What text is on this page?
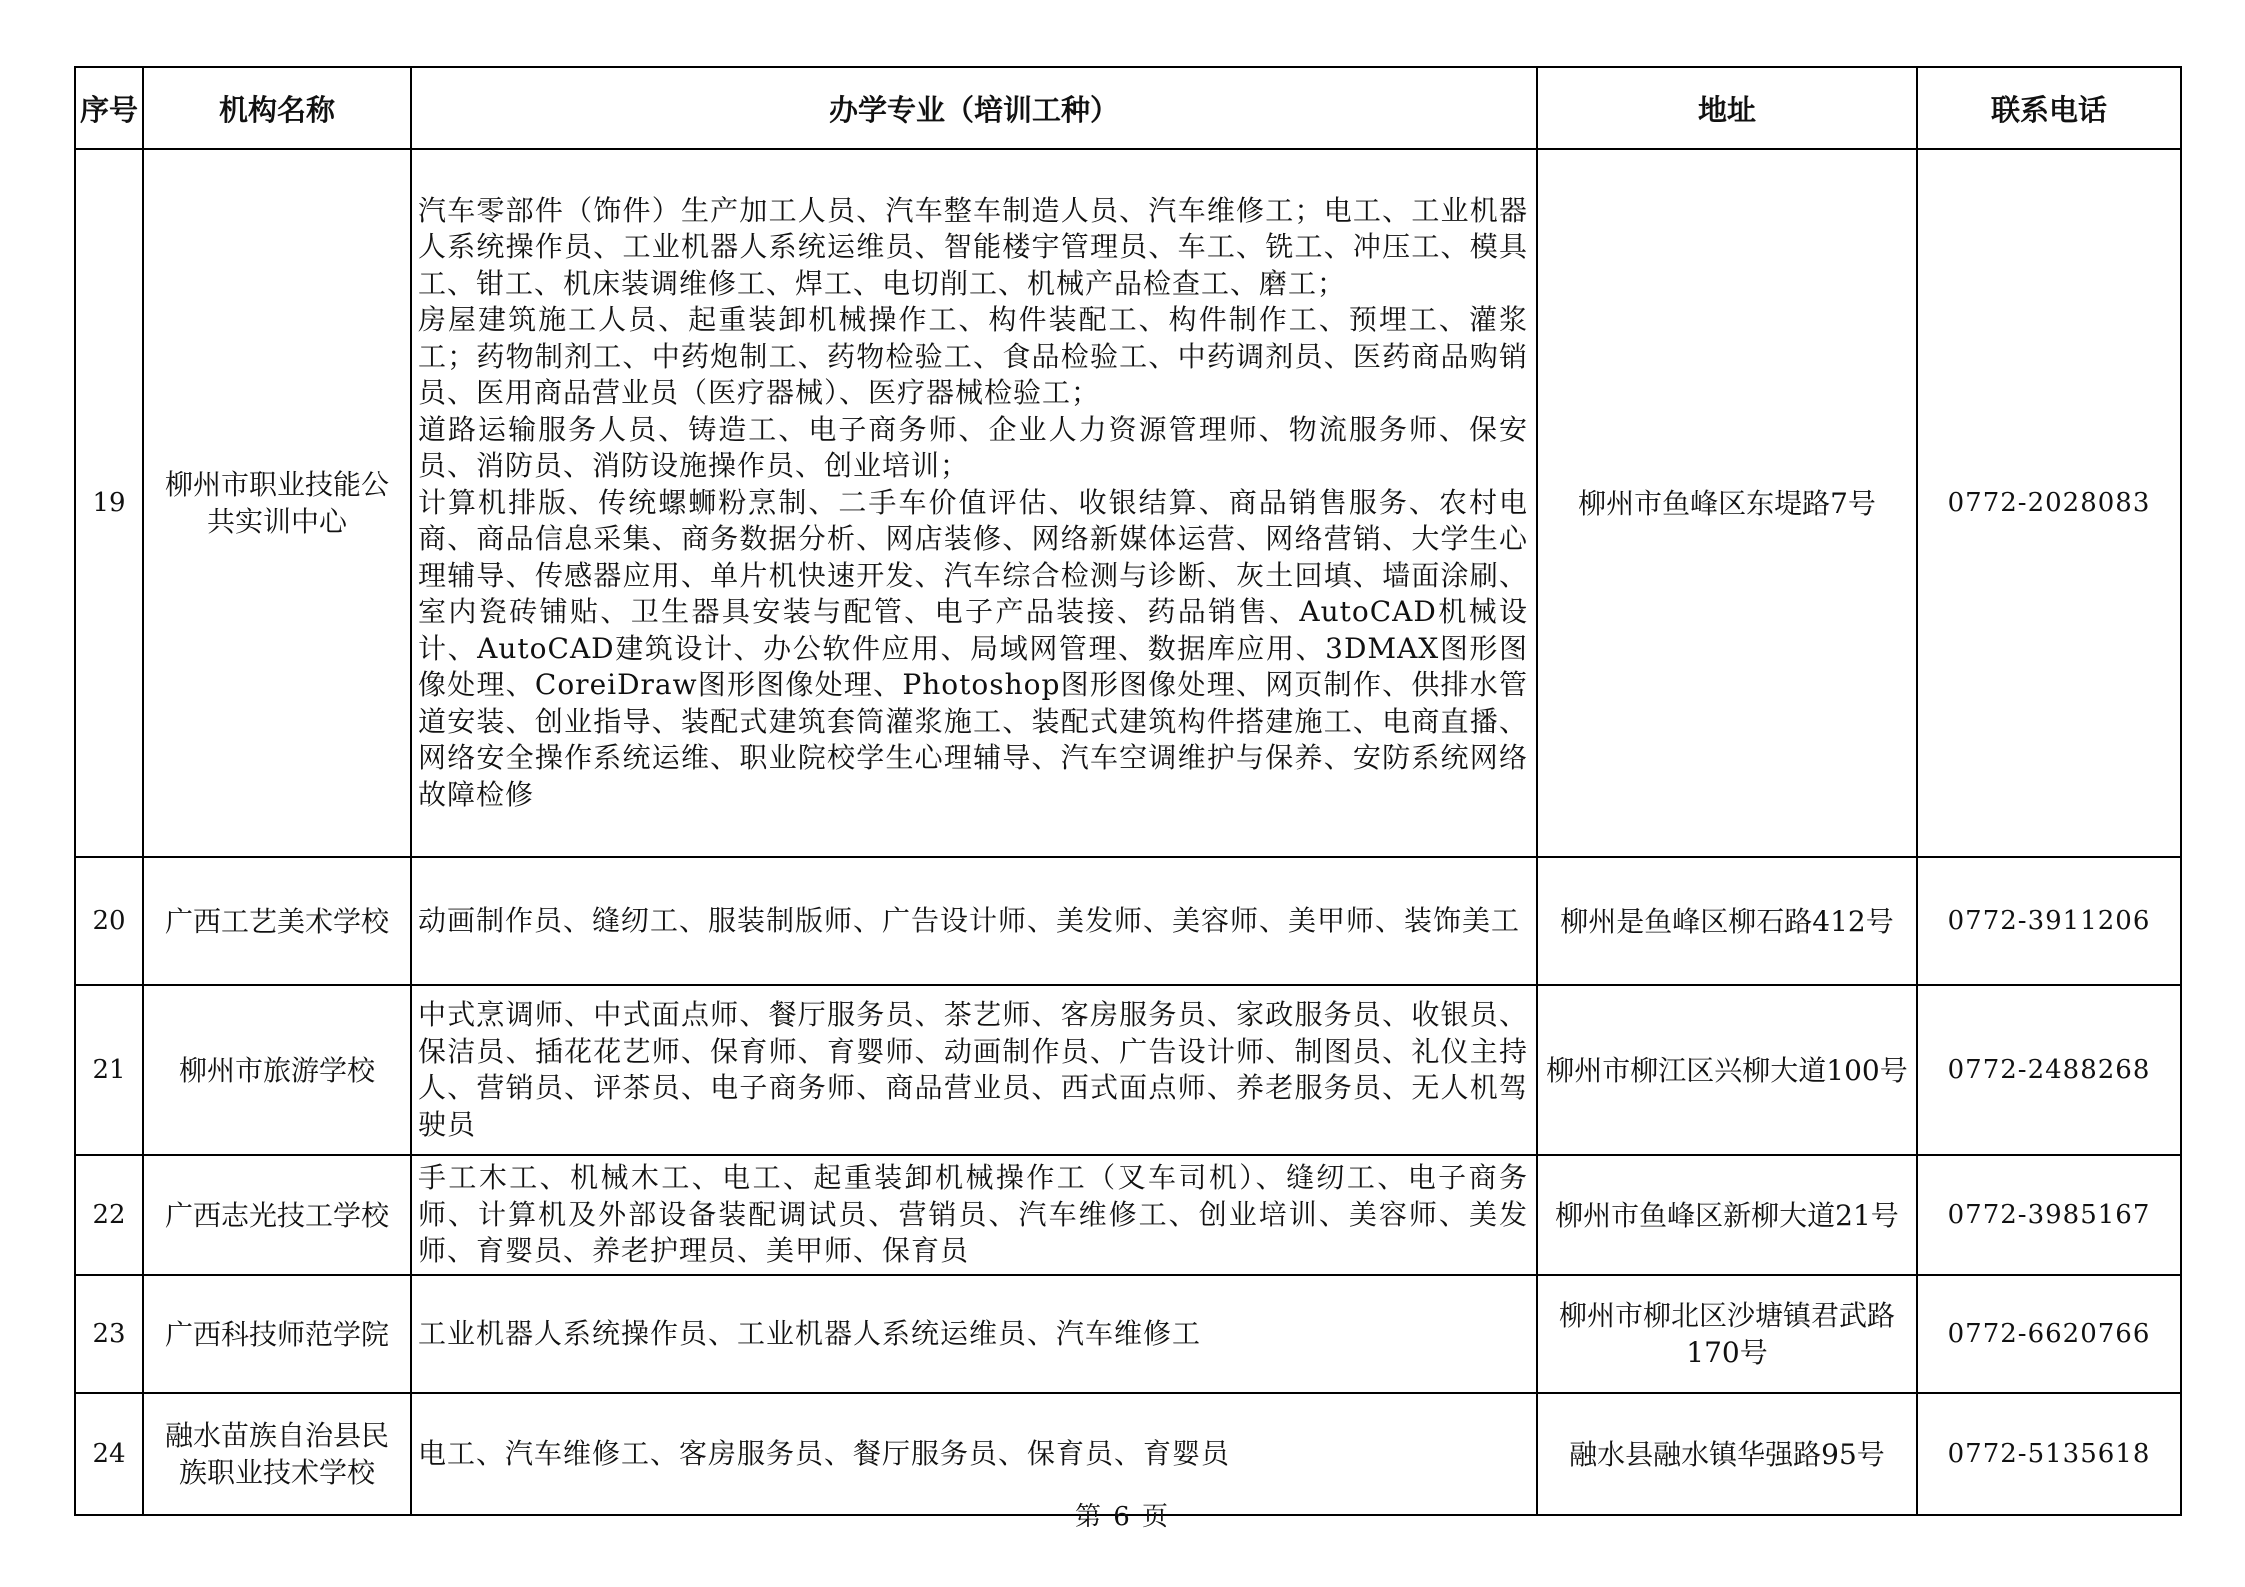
序号	机构名称	办学专业（培训工种）	地址	联系电话
19	柳州市职业技能公共实训中心	汽车零部件（饰件）生产加工人员、汽车整车制造人员、汽车维修工；电工、工业机器人系统操作员、工业机器人系统运维员、智能楼宇管理员、车工、铣工、冲压工、模具工、钳工、机床装调维修工、焊工、电切削工、机械产品检查工、磨工；
房屋建筑施工人员、起重装卸机械操作工、构件装配工、构件制作工、预埋工、灌浆工；药物制剂工、中药炮制工、药物检验工、食品检验工、中药调剂员、医药商品购销员、医用商品营业员（医疗器械）、医疗器械检验工；
道路运输服务人员、铸造工、电子商务师、企业人力资源管理师、物流服务师、保安员、消防员、消防设施操作员、创业培训；
计算机排版、传统螺蛳粉烹制、二手车价值评估、收银结算、商品销售服务、农村电商、商品信息采集、商务数据分析、网店装修、网络新媒体运营、网络营销、大学生心理辅导、传感器应用、单片机快速开发、汽车综合检测与诊断、灰土回填、墙面涂刷、室内瓷砖铺贴、卫生器具安装与配管、电子产品装接、药品销售、AutoCAD机械设计、AutoCAD建筑设计、办公软件应用、局域网管理、数据库应用、3DMAX图形图像处理、CoreiDraw图形图像处理、Photoshop图形图像处理、网页制作、供排水管道安装、创业指导、装配式建筑套筒灌浆施工、装配式建筑构件搭建施工、电商直播、网络安全操作系统运维、职业院校学生心理辅导、汽车空调维护与保养、安防系统网络故障检修	柳州市鱼峰区东堤路7号	0772-2028083
20	广西工艺美术学校	动画制作员、缝纫工、服装制版师、广告设计师、美发师、美容师、美甲师、装饰美工	柳州是鱼峰区柳石路412号	0772-3911206
21	柳州市旅游学校	中式烹调师、中式面点师、餐厅服务员、茶艺师、客房服务员、家政服务员、收银员、保洁员、插花花艺师、保育师、育婴师、动画制作员、广告设计师、制图员、礼仪主持人、营销员、评茶员、电子商务师、商品营业员、西式面点师、养老服务员、无人机驾驶员	柳州市柳江区兴柳大道100号	0772-2488268
22	广西志光技工学校	手工木工、机械木工、电工、起重装卸机械操作工（叉车司机）、缝纫工、电子商务师、计算机及外部设备装配调试员、营销员、汽车维修工、创业培训、美容师、美发师、育婴员、养老护理员、美甲师、保育员	柳州市鱼峰区新柳大道21号	0772-3985167
23	广西科技师范学院	工业机器人系统操作员、工业机器人系统运维员、汽车维修工	柳州市柳北区沙塘镇君武路170号	0772-6620766
24	融水苗族自治县民族职业技术学校	电工、汽车维修工、客房服务员、餐厅服务员、保育员、育婴员	融水县融水镇华强路95号	0772-5135618
第 6 页
